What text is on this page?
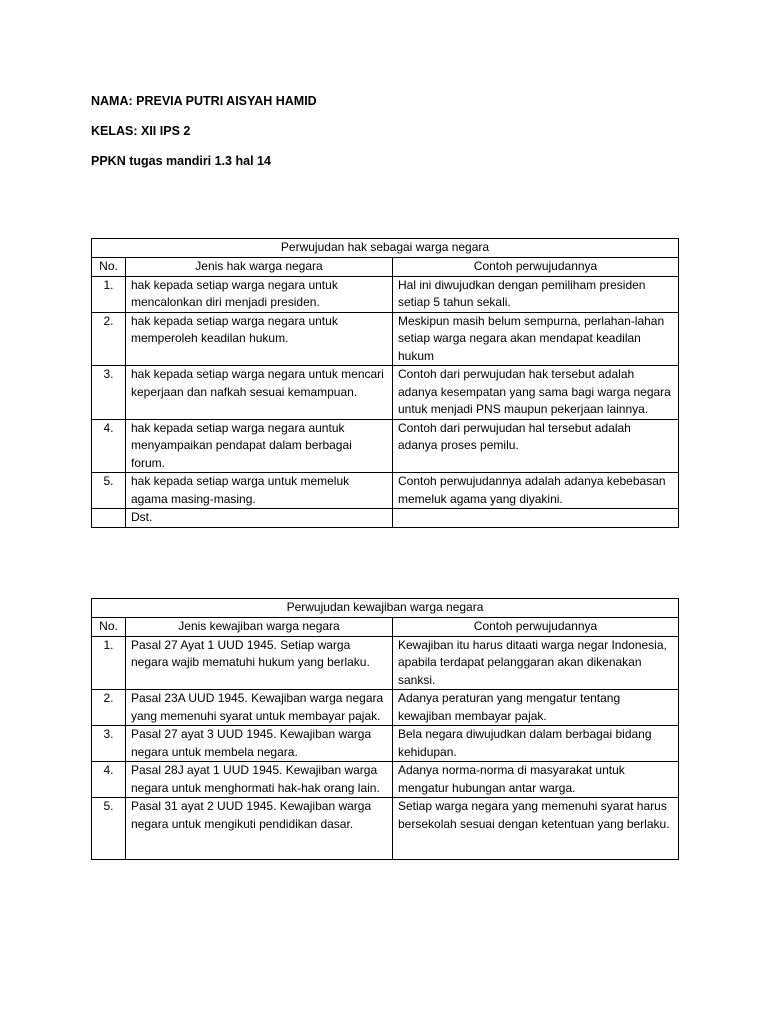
NAMA: PREVIA PUTRI AISYAH HAMID
KELAS: XII IPS 2
PPKN tugas mandiri 1.3 hal 14
Perwujudan hak sebagai warga negara		
No.	Jenis hak warga negara	Contoh perwujudannya
1.	hak kepada setiap warga negara untuk mencalonkan diri menjadi presiden.	Hal ini diwujudkan dengan pemiliham presiden setiap 5 tahun sekali.
2.	hak kepada setiap warga negara untuk memperoleh keadilan hukum.	Meskipun masih belum sempurna, perlahan-lahan setiap warga negara akan mendapat keadilan hukum
3.	hak kepada setiap warga negara untuk mencari keperjaan dan nafkah sesuai kemampuan.	Contoh dari perwujudan hak tersebut adalah adanya kesempatan yang sama bagi warga negara untuk menjadi PNS maupun pekerjaan lainnya.
4.	hak kepada setiap warga negara auntuk menyampaikan pendapat dalam berbagai forum.	Contoh dari perwujudan hal tersebut adalah adanya proses pemilu.
5.	hak kepada setiap warga untuk memeluk agama masing-masing.	Contoh perwujudannya adalah adanya kebebasan memeluk agama yang diyakini.
	Dst.	
Perwujudan kewajiban warga negara		
No.	Jenis kewajiban warga negara	Contoh perwujudannya
1.	Pasal 27 Ayat 1 UUD 1945. Setiap warga negara wajib mematuhi hukum yang berlaku.	Kewajiban itu harus ditaati warga negar Indonesia, apabila terdapat pelanggaran akan dikenakan sanksi.
2.	Pasal 23A UUD 1945. Kewajiban warga negara yang memenuhi syarat untuk membayar pajak.	Adanya peraturan yang mengatur tentang kewajiban membayar pajak.
3.	Pasal 27 ayat 3 UUD 1945. Kewajiban warga negara untuk membela negara.	Bela negara diwujudkan dalam berbagai bidang kehidupan.
4.	Pasal 28J ayat 1 UUD 1945. Kewajiban warga negara untuk menghormati hak-hak orang lain.	Adanya norma-norma di masyarakat untuk mengatur hubungan antar warga.
5.	Pasal 31 ayat 2 UUD 1945. Kewajiban warga negara untuk mengikuti pendidikan dasar.	Setiap warga negara yang memenuhi syarat harus bersekolah sesuai dengan ketentuan yang berlaku.
